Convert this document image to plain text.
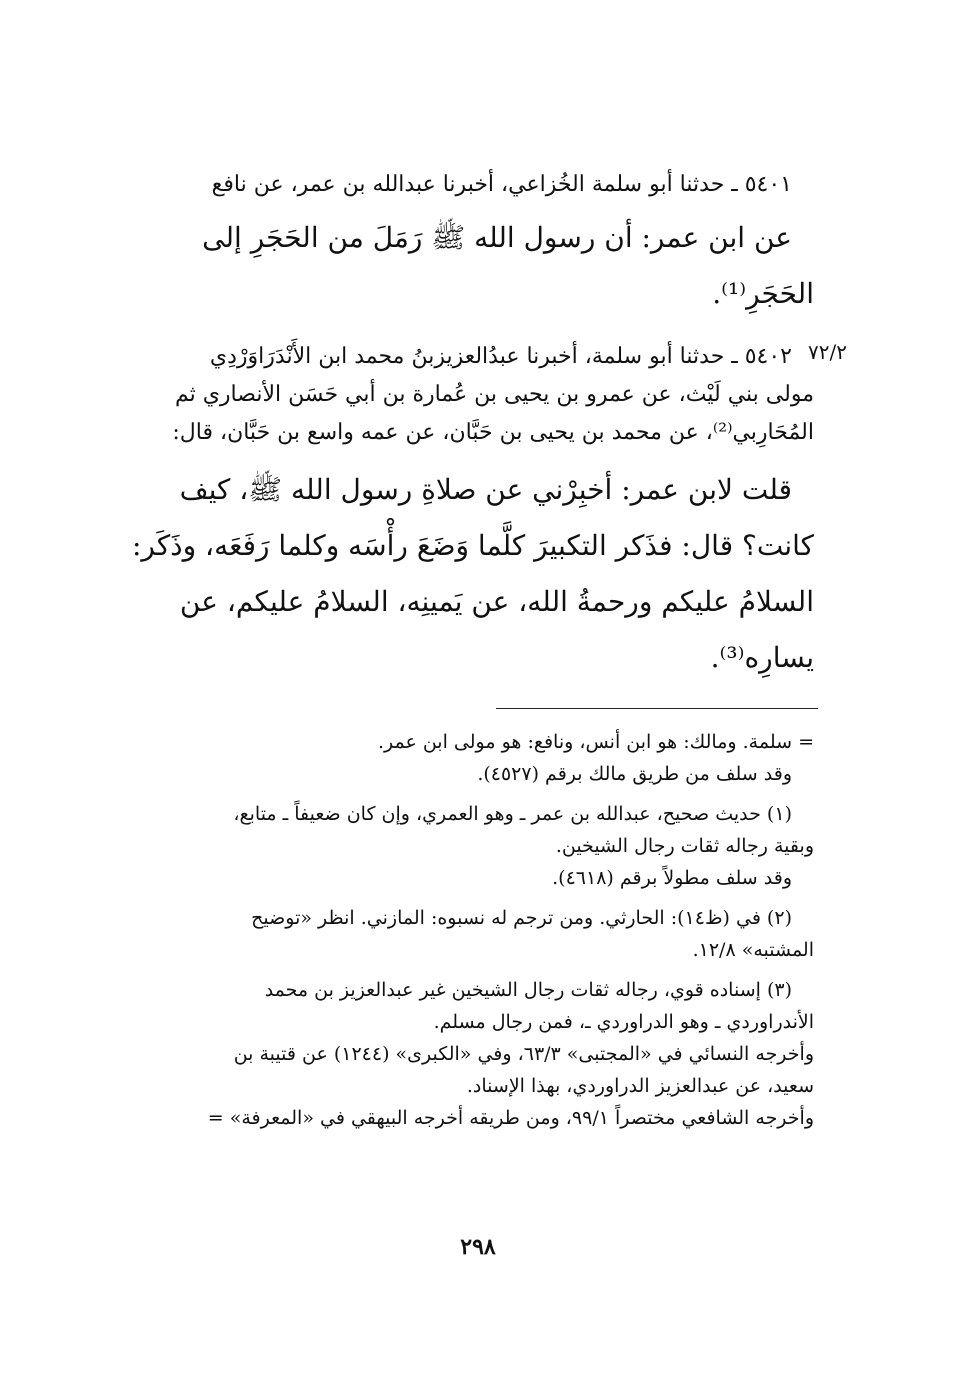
٥٤٠١ ـ حدثنا أبو سلمة الخُزاعي، أخبرنا عبدالله بن عمر، عن نافع
عن ابن عمر: أن رسول الله ﷺ رَمَلَ من الحَجَرِ إلى
الحَجَرِ⁽¹⁾.
٧٢/٢
٥٤٠٢ ـ حدثنا أبو سلمة، أخبرنا عبدُالعزيزبنُ محمد ابن الأَنْدَرَاوَرْدِي
مولى بني لَيْث، عن عمرو بن يحيى بن عُمارة بن أبي حَسَن الأنصاري ثم
المُحَارِبي⁽²⁾، عن محمد بن يحيى بن حَبَّان، عن عمه واسع بن حَبَّان، قال:
قلت لابن عمر: أخبِرْني عن صلاةِ رسول الله ﷺ، كيف
كانت؟ قال: فذَكر التكبيرَ كلَّما وَضَعَ رأْسَه وكلما رَفَعَه، وذَكَر:
السلامُ عليكم ورحمةُ الله، عن يَمينِه، السلامُ عليكم، عن
يسارِه⁽³⁾.
= سلمة. ومالك: هو ابن أنس، ونافع: هو مولى ابن عمر.
وقد سلف من طريق مالك برقم (٤٥٢٧).
(١) حديث صحيح، عبدالله بن عمر ـ وهو العمري، وإن كان ضعيفاً ـ متابع،
وبقية رجاله ثقات رجال الشيخين.
وقد سلف مطولاً برقم (٤٦١٨).
(٢) في (ظ١٤): الحارثي. ومن ترجم له نسبوه: المازني. انظر «توضيح
المشتبه» ١٢/٨.
(٣) إسناده قوي، رجاله ثقات رجال الشيخين غير عبدالعزيز بن محمد
الأندراوردي ـ وهو الدراوردي ـ، فمن رجال مسلم.
وأخرجه النسائي في «المجتبى» ٦٣/٣، وفي «الكبرى» (١٢٤٤) عن قتيبة بن
سعيد، عن عبدالعزيز الدراوردي، بهذا الإسناد.
وأخرجه الشافعي مختصراً ٩٩/١، ومن طريقه أخرجه البيهقي في «المعرفة» =
٢٩٨
